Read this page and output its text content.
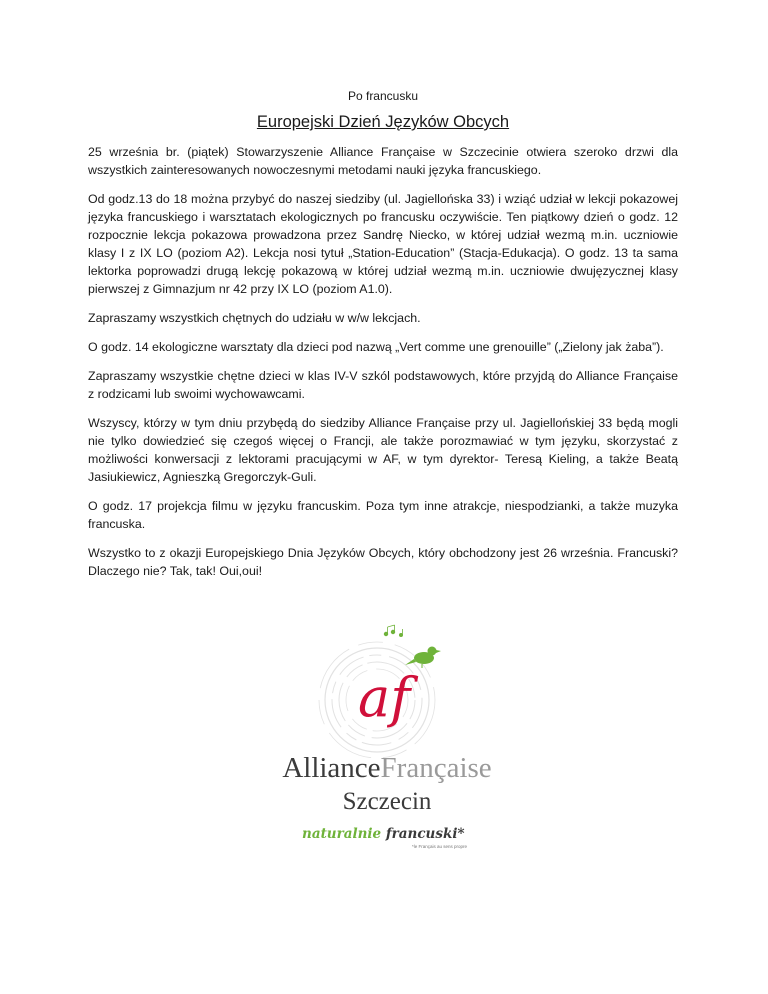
Po francusku
Europejski Dzień Języków Obcych

25 września br. (piątek) Stowarzyszenie Alliance Française w Szczecinie otwiera szeroko drzwi dla wszystkich zainteresowanych nowoczesnymi metodami nauki języka francuskiego.

Od godz.13 do 18 można przybyć do naszej siedziby (ul. Jagiellońska 33) i wziąć udział w lekcji pokazowej języka francuskiego i warsztatach ekologicznych po francusku oczywiście. Ten piątkowy dzień o godz. 12 rozpocznie lekcja pokazowa prowadzona przez Sandrę Niecko, w której udział wezmą m.in. uczniowie klasy I z IX LO (poziom A2). Lekcja nosi tytuł „Station-Education” (Stacja-Edukacja). O godz. 13 ta sama lektorka poprowadzi drugą lekcję pokazową w której udział wezmą m.in. uczniowie dwujęzycznej klasy pierwszej z Gimnazjum nr 42 przy IX LO (poziom A1.0).

Zapraszamy wszystkich chętnych do udziału w w/w lekcjach.

O godz. 14 ekologiczne warsztaty dla dzieci pod nazwą „Vert comme une grenouille” („Zielony jak żaba”).

Zapraszamy wszystkie chętne dzieci w klas IV-V szkól podstawowych, które przyjdą do Alliance Française z rodzicami lub swoimi wychowawcami.

Wszyscy, którzy w tym dniu przybędą do siedziby Alliance Française przy ul. Jagiellońskiej 33 będą mogli nie tylko dowiedzieć się czegoś więcej o Francji, ale także porozmawiać w tym języku, skorzystać z możliwości konwersacji z lektorami pracującymi w AF, w tym dyrektor- Teresą Kieling, a także Beatą Jasiukiewicz, Agnieszką Gregorczyk-Guli.

O godz. 17 projekcja filmu w języku francuskim. Poza tym inne atrakcje, niespodzianki, a także muzyka francuska.

Wszystko to z okazji Europejskiego Dnia Języków Obcych, który obchodzony jest 26 września. Francuski? Dlaczego nie? Tak, tak! Oui,oui!

af
AllianceFrançaise
Szczecin
naturalnie francuski*
*le Français au sens propre
